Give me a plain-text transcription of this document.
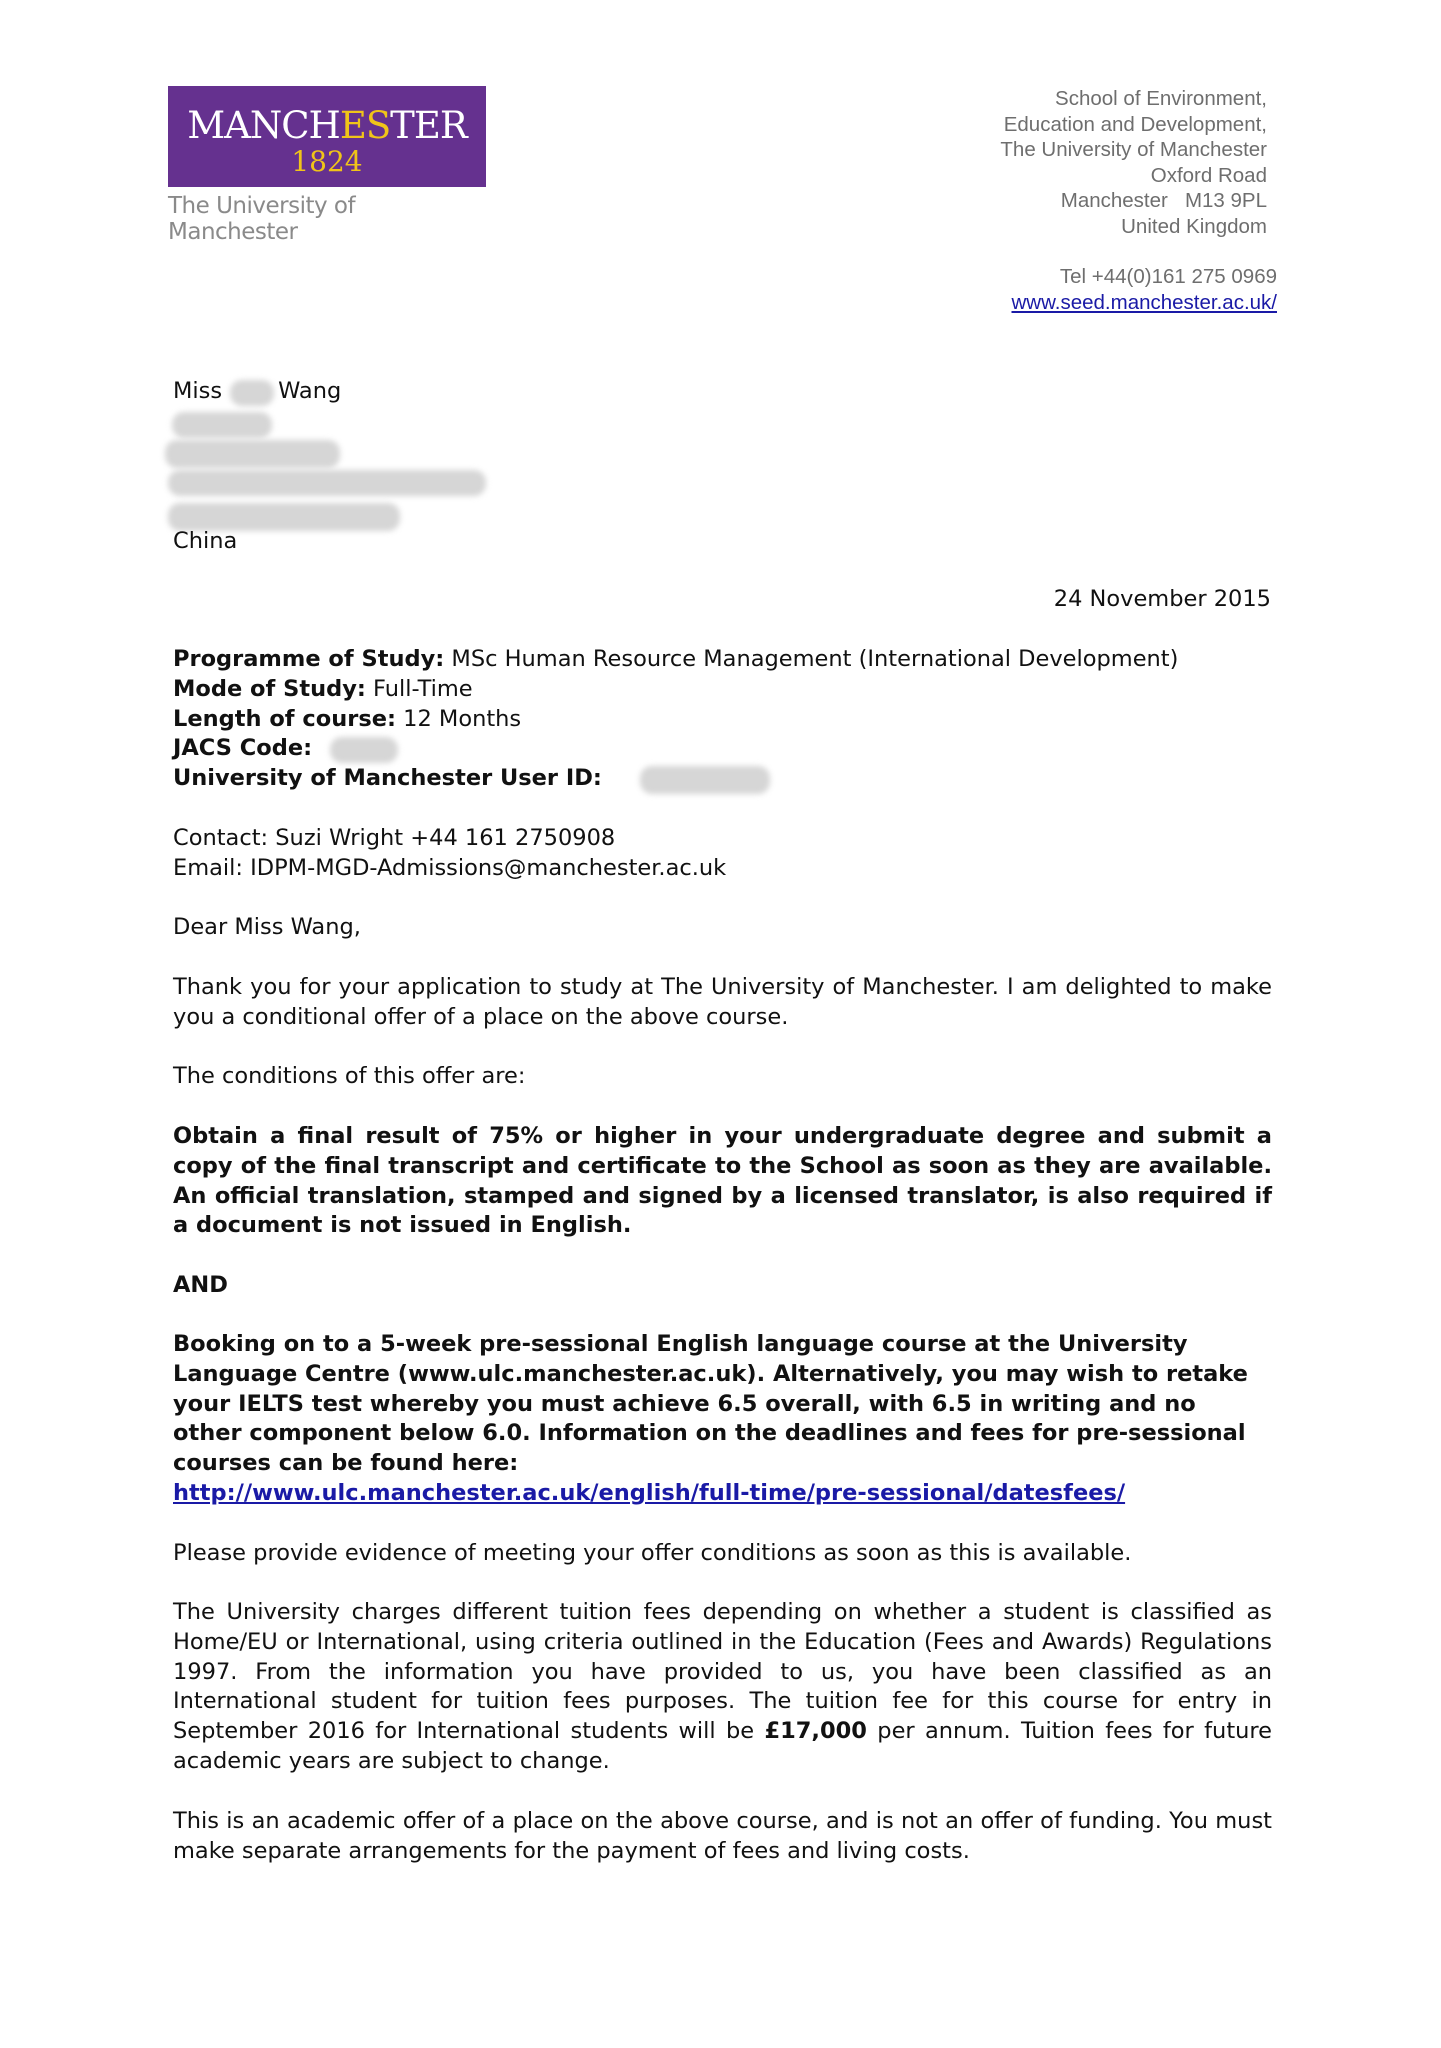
MANCHESTER
1824
The University of Manchester
School of Environment,
Education and Development,
The University of Manchester
Oxford Road
Manchester   M13 9PL
United Kingdom
Tel +44(0)161 275 0969
www.seed.manchester.ac.uk/
Miss Wang
China
24 November 2015
Programme of Study: MSc Human Resource Management (International Development)
Mode of Study: Full-Time
Length of course: 12 Months
JACS Code:
University of Manchester User ID:
Contact: Suzi Wright +44 161 2750908
Email: IDPM-MGD-Admissions@manchester.ac.uk
Dear Miss Wang,
Thank you for your application to study at The University of Manchester. I am delighted to make you a conditional offer of a place on the above course.
The conditions of this offer are:
Obtain a final result of 75% or higher in your undergraduate degree and submit a copy of the final transcript and certificate to the School as soon as they are available. An official translation, stamped and signed by a licensed translator, is also required if a document is not issued in English.
AND
Booking on to a 5-week pre-sessional English language course at the University Language Centre (www.ulc.manchester.ac.uk). Alternatively, you may wish to retake your IELTS test whereby you must achieve 6.5 overall, with 6.5 in writing and no other component below 6.0. Information on the deadlines and fees for pre-sessional courses can be found here:
http://www.ulc.manchester.ac.uk/english/full-time/pre-sessional/datesfees/
Please provide evidence of meeting your offer conditions as soon as this is available.
The University charges different tuition fees depending on whether a student is classified as Home/EU or International, using criteria outlined in the Education (Fees and Awards) Regulations 1997. From the information you have provided to us, you have been classified as an International student for tuition fees purposes. The tuition fee for this course for entry in September 2016 for International students will be £17,000 per annum. Tuition fees for future academic years are subject to change.
This is an academic offer of a place on the above course, and is not an offer of funding. You must make separate arrangements for the payment of fees and living costs.
